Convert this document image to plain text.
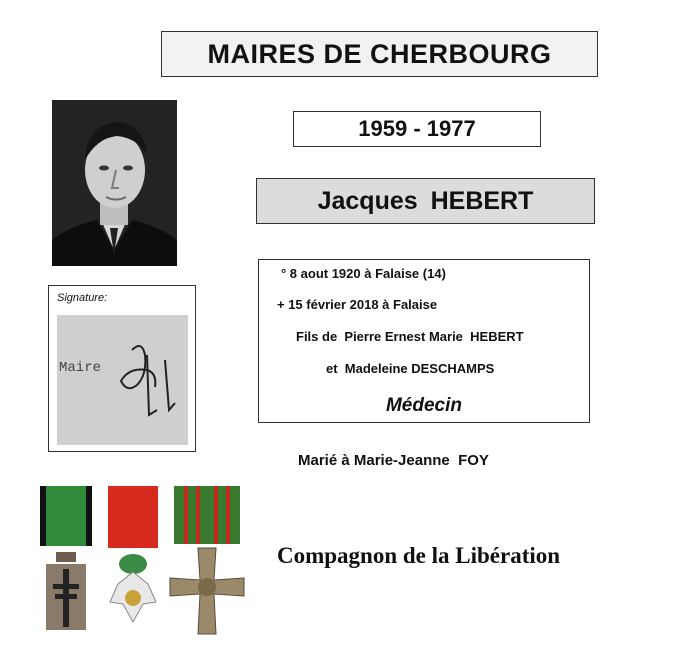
MAIRES DE CHERBOURG
1959 - 1977
Jacques HEBERT
Signature:
Maire
° 8 aout 1920 à Falaise (14)
+ 15 février 2018 à Falaise
Fils de  Pierre Ernest Marie  HEBERT
et  Madeleine DESCHAMPS
Médecin
Marié à Marie-Jeanne  FOY
Compagnon de la Libération
